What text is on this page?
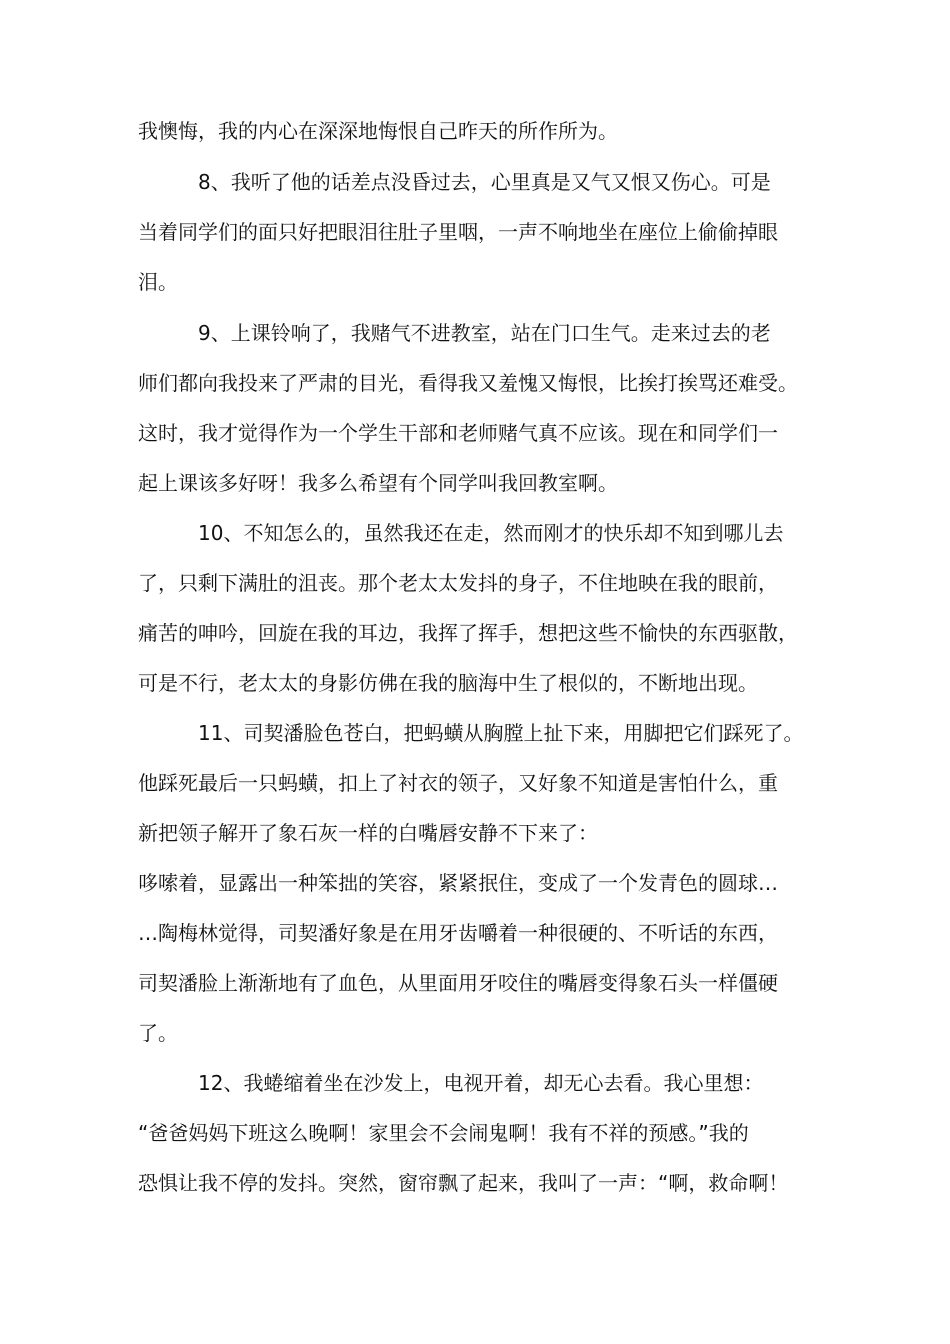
我懊悔，我的内心在深深地悔恨自己昨天的所作所为。
8、我听了他的话差点没昏过去，心里真是又气又恨又伤心。可是
当着同学们的面只好把眼泪往肚子里咽，一声不响地坐在座位上偷偷掉眼
泪。
9、上课铃响了，我赌气不进教室，站在门口生气。走来过去的老
师们都向我投来了严肃的目光，看得我又羞愧又悔恨，比挨打挨骂还难受。
这时，我才觉得作为一个学生干部和老师赌气真不应该。现在和同学们一
起上课该多好呀！我多么希望有个同学叫我回教室啊。
10、不知怎么的，虽然我还在走，然而刚才的快乐却不知到哪儿去
了，只剩下满肚的沮丧。那个老太太发抖的身子，不住地映在我的眼前，
痛苦的呻吟，回旋在我的耳边，我挥了挥手，想把这些不愉快的东西驱散，
可是不行，老太太的身影仿佛在我的脑海中生了根似的，不断地出现。
11、司契潘脸色苍白，把蚂蟥从胸膛上扯下来，用脚把它们踩死了。
他踩死最后一只蚂蟥，扣上了衬衣的领子，又好象不知道是害怕什么，重
新把领子解开了象石灰一样的白嘴唇安静不下来了：
哆嗦着，显露出一种笨拙的笑容，紧紧抿住，变成了一个发青色的圆球…
…陶梅林觉得，司契潘好象是在用牙齿嚼着一种很硬的、不听话的东西，
司契潘脸上渐渐地有了血色，从里面用牙咬住的嘴唇变得象石头一样僵硬
了。
12、我蜷缩着坐在沙发上，电视开着，却无心去看。我心里想：
“爸爸妈妈下班这么晚啊！家里会不会闹鬼啊！我有不祥的预感。”我的
恐惧让我不停的发抖。突然，窗帘飘了起来，我叫了一声：“啊，救命啊！
